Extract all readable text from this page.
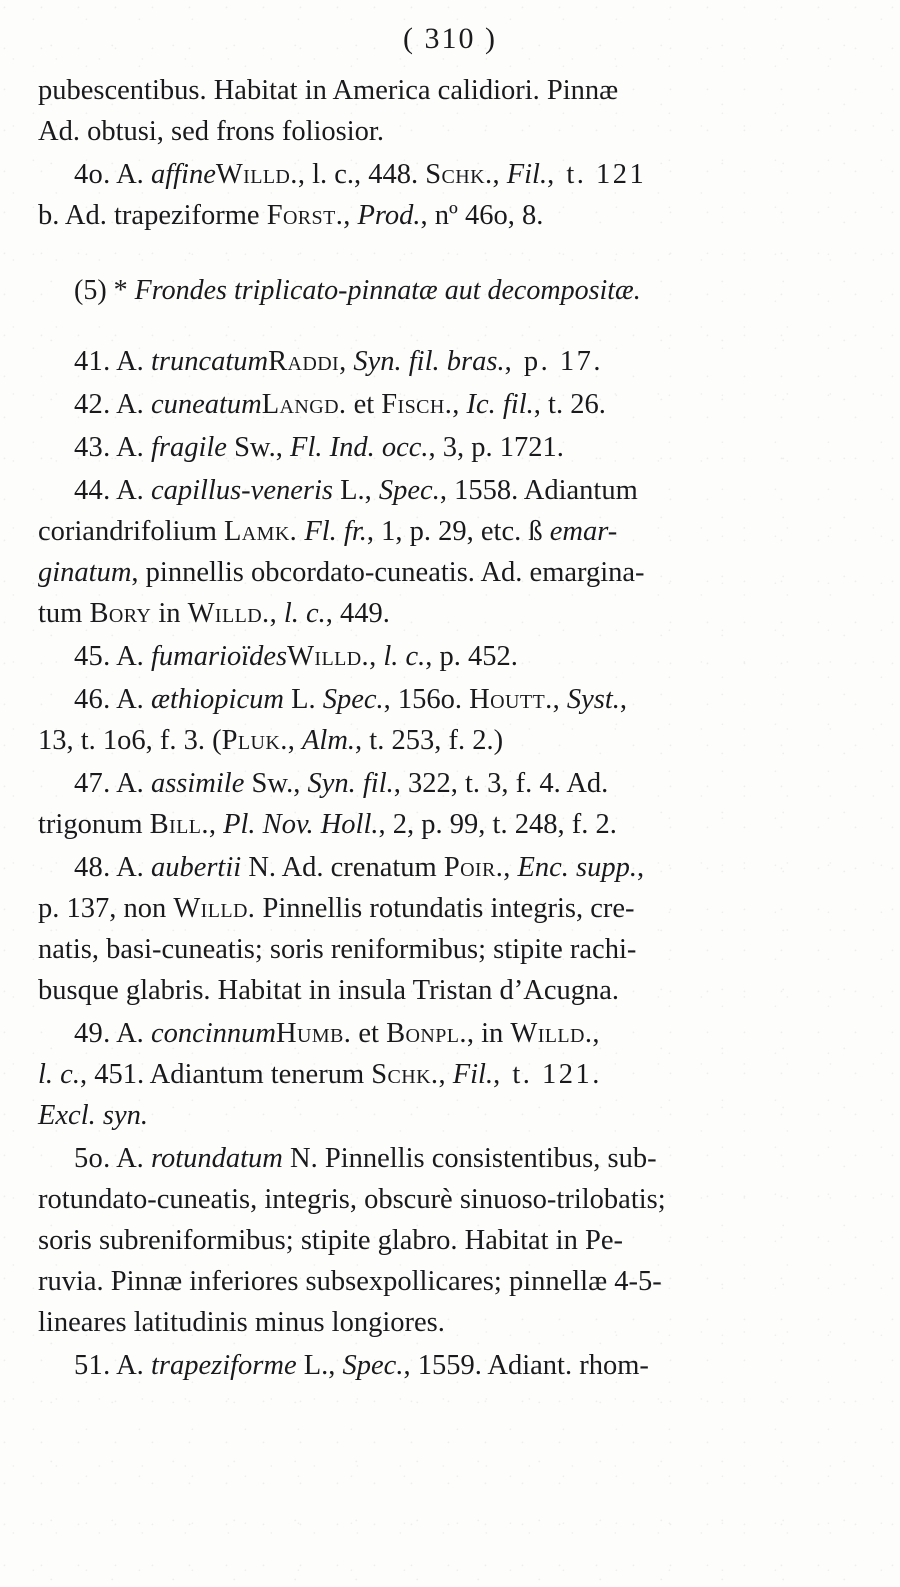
( 310 )

pubescentibus. Habitat in America calidiori. Pinnæ
Ad. obtusi, sed frons foliosior.

4o. A. affineWilld., l. c., 448. Schk., Fil., t. 121
b. Ad. trapeziforme Forst., Prod., nº 46o, 8.

(5) * Frondes triplicato-pinnatæ aut decompositæ.

41. A. truncatumRaddi, Syn. fil. bras., p. 17.

42. A. cuneatumLangd. et Fisch., Ic. fil., t. 26.

43. A. fragile Sw., Fl. Ind. occ., 3, p. 1721.

44. A. capillus-veneris L., Spec., 1558. Adiantum
coriandrifolium Lamk. Fl. fr., 1, p. 29, etc. ß emar-
ginatum, pinnellis obcordato-cuneatis. Ad. emargina-
tum Bory in Willd., l. c., 449.

45. A. fumarioïdesWilld., l. c., p. 452.

46. A. æthiopicum L. Spec., 156o. Houtt., Syst.,
13, t. 1o6, f. 3. (Pluk., Alm., t. 253, f. 2.)

47. A. assimile Sw., Syn. fil., 322, t. 3, f. 4. Ad.
trigonum Bill., Pl. Nov. Holl., 2, p. 99, t. 248, f. 2.

48. A. aubertii N. Ad. crenatum Poir., Enc. supp.,
p. 137, non Willd. Pinnellis rotundatis integris, cre-
natis, basi-cuneatis; soris reniformibus; stipite rachi-
busque glabris. Habitat in insula Tristan d’Acugna.

49. A. concinnumHumb. et Bonpl., in Willd.,
l. c., 451. Adiantum tenerum Schk., Fil., t. 121.
Excl. syn.

5o. A. rotundatum N. Pinnellis consistentibus, sub-
rotundato-cuneatis, integris, obscurè sinuoso-trilobatis;
soris subreniformibus; stipite glabro. Habitat in Pe-
ruvia. Pinnæ inferiores subsexpollicares; pinnellæ 4-5-
lineares latitudinis minus longiores.

51. A. trapeziforme L., Spec., 1559. Adiant. rhom-
